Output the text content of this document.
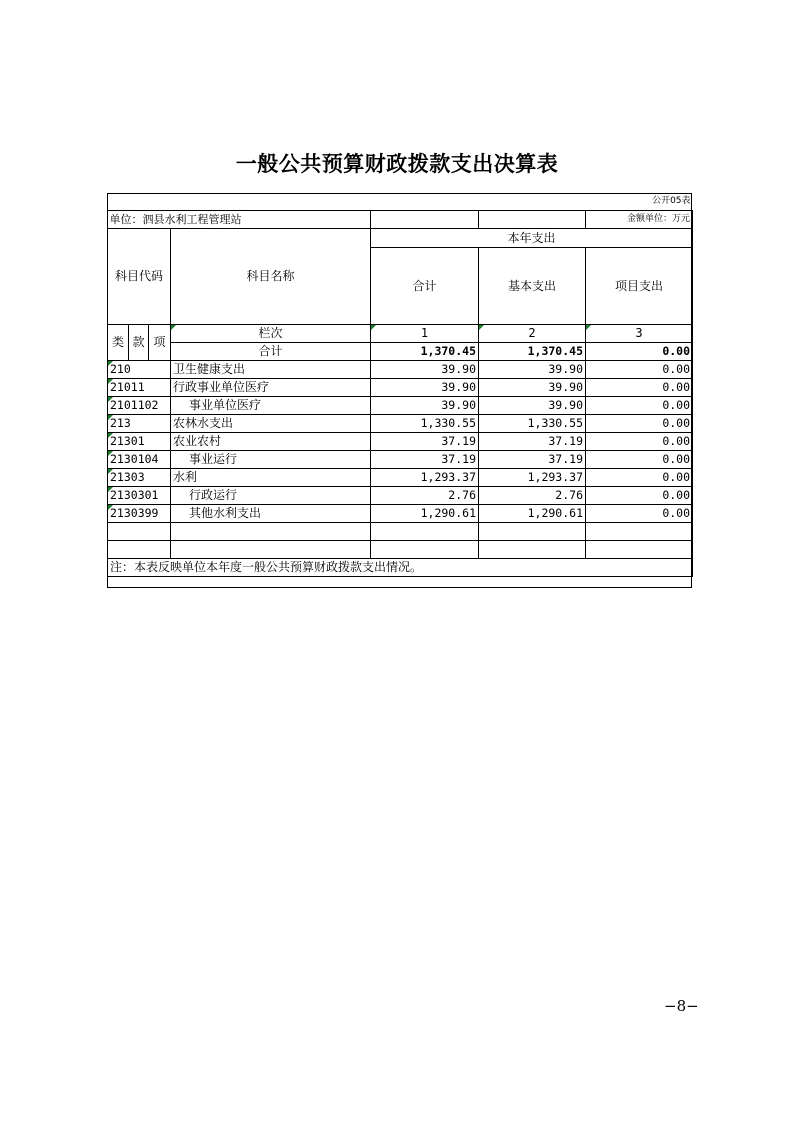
一般公共预算财政拨款支出决算表
公开05表						
单位：泗县水利工程管理站						金额单位：万元
科目代码			科目名称	本年支出		
				合计	基本支出	项目支出
类	款	项	栏次	1	2	3
			合计	1,370.45	1,370.45	0.00
210			卫生健康支出	39.90	39.90	0.00
21011			行政事业单位医疗	39.90	39.90	0.00
2101102			事业单位医疗	39.90	39.90	0.00
213			农林水支出	1,330.55	1,330.55	0.00
21301			农业农村	37.19	37.19	0.00
2130104			事业运行	37.19	37.19	0.00
21303			水利	1,293.37	1,293.37	0.00
2130301			行政运行	2.76	2.76	0.00
2130399			其他水利支出	1,290.61	1,290.61	0.00

注：本表反映单位本年度一般公共预算财政拨款支出情况。						
−8−
